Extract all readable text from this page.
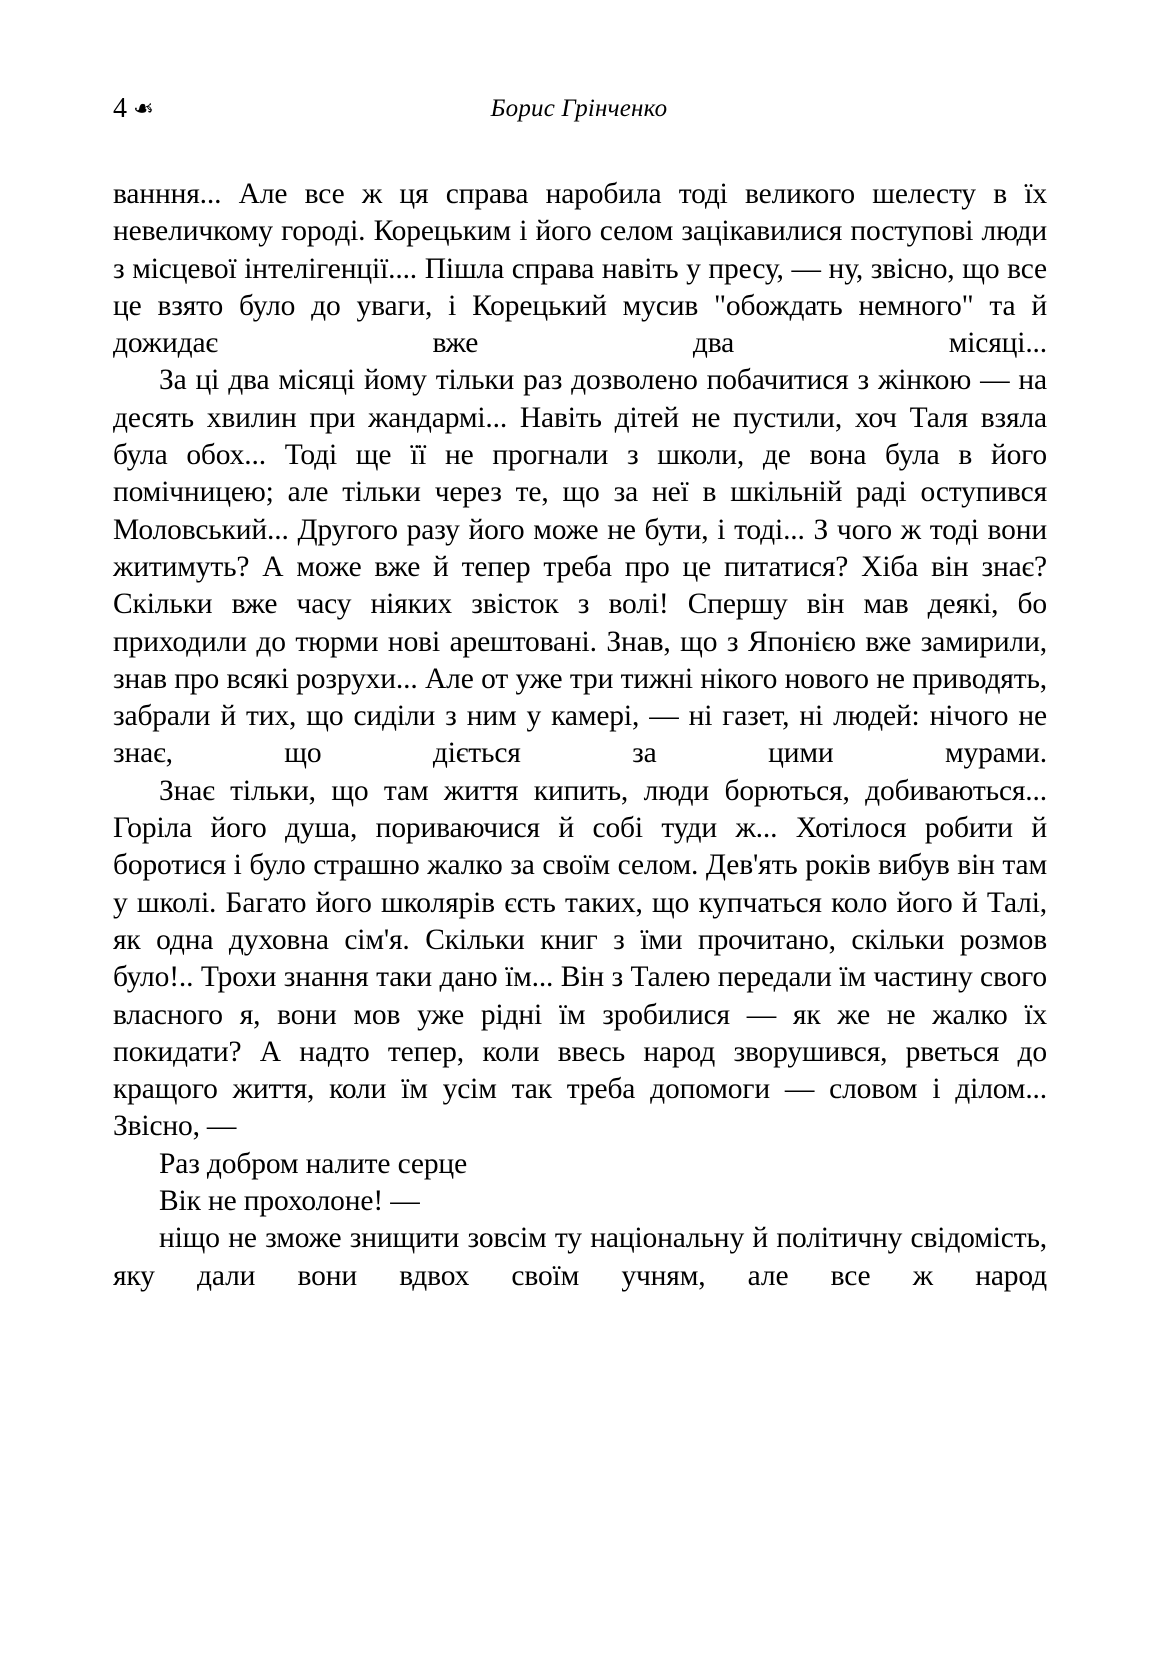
4 ❧	Борис Грінченко

ванння... Але все ж ця справа наробила тоді великого шелесту в їх невеличкому городі. Корецьким і його селом зацікавилися поступові люди з місцевої інтелігенції.... Пішла справа навіть у пресу, — ну, звісно, що все це взято було до уваги, і Корецький мусив "обождать немного" та й дожидає вже два місяці...

За ці два місяці йому тільки раз дозволено побачитися з жінкою — на десять хвилин при жандармі... Навіть дітей не пустили, хоч Таля взяла була обох... Тоді ще її не прогнали з школи, де вона була в його помічницею; але тільки через те, що за неї в шкільній раді оступився Моловський... Другого разу його може не бути, і тоді... З чого ж тоді вони житимуть? А може вже й тепер треба про це питатися? Хіба він знає? Скільки вже часу ніяких звісток з волі! Спершу він мав деякі, бо приходили до тюрми нові арештовані. Знав, що з Японією вже замирили, знав про всякі розрухи... Але от уже три тижні нікого нового не приводять, забрали й тих, що сиділи з ним у камері, — ні газет, ні людей: нічого не знає, що діється за цими мурами.

Знає тільки, що там життя кипить, люди борються, добиваються... Горіла його душа, пориваючися й собі туди ж... Хотілося робити й боротися і було страшно жалко за своїм селом. Дев'ять років вибув він там у школі. Багато його школярів єсть таких, що купчаться коло його й Талі, як одна духовна сім'я. Скільки книг з їми прочитано, скільки розмов було!.. Трохи знання таки дано їм... Він з Талею передали їм частину свого власного я, вони мов уже рідні їм зробилися — як же не жалко їх покидати? А надто тепер, коли ввесь народ зворушився, рветься до кращого життя, коли їм усім так треба допомоги — словом і ділом... Звісно, —

Раз добром налите серце

Вік не прохолоне! —

ніщо не зможе знищити зовсім ту національну й політичну свідомість, яку дали вони вдвох своїм учням, але все ж народ
